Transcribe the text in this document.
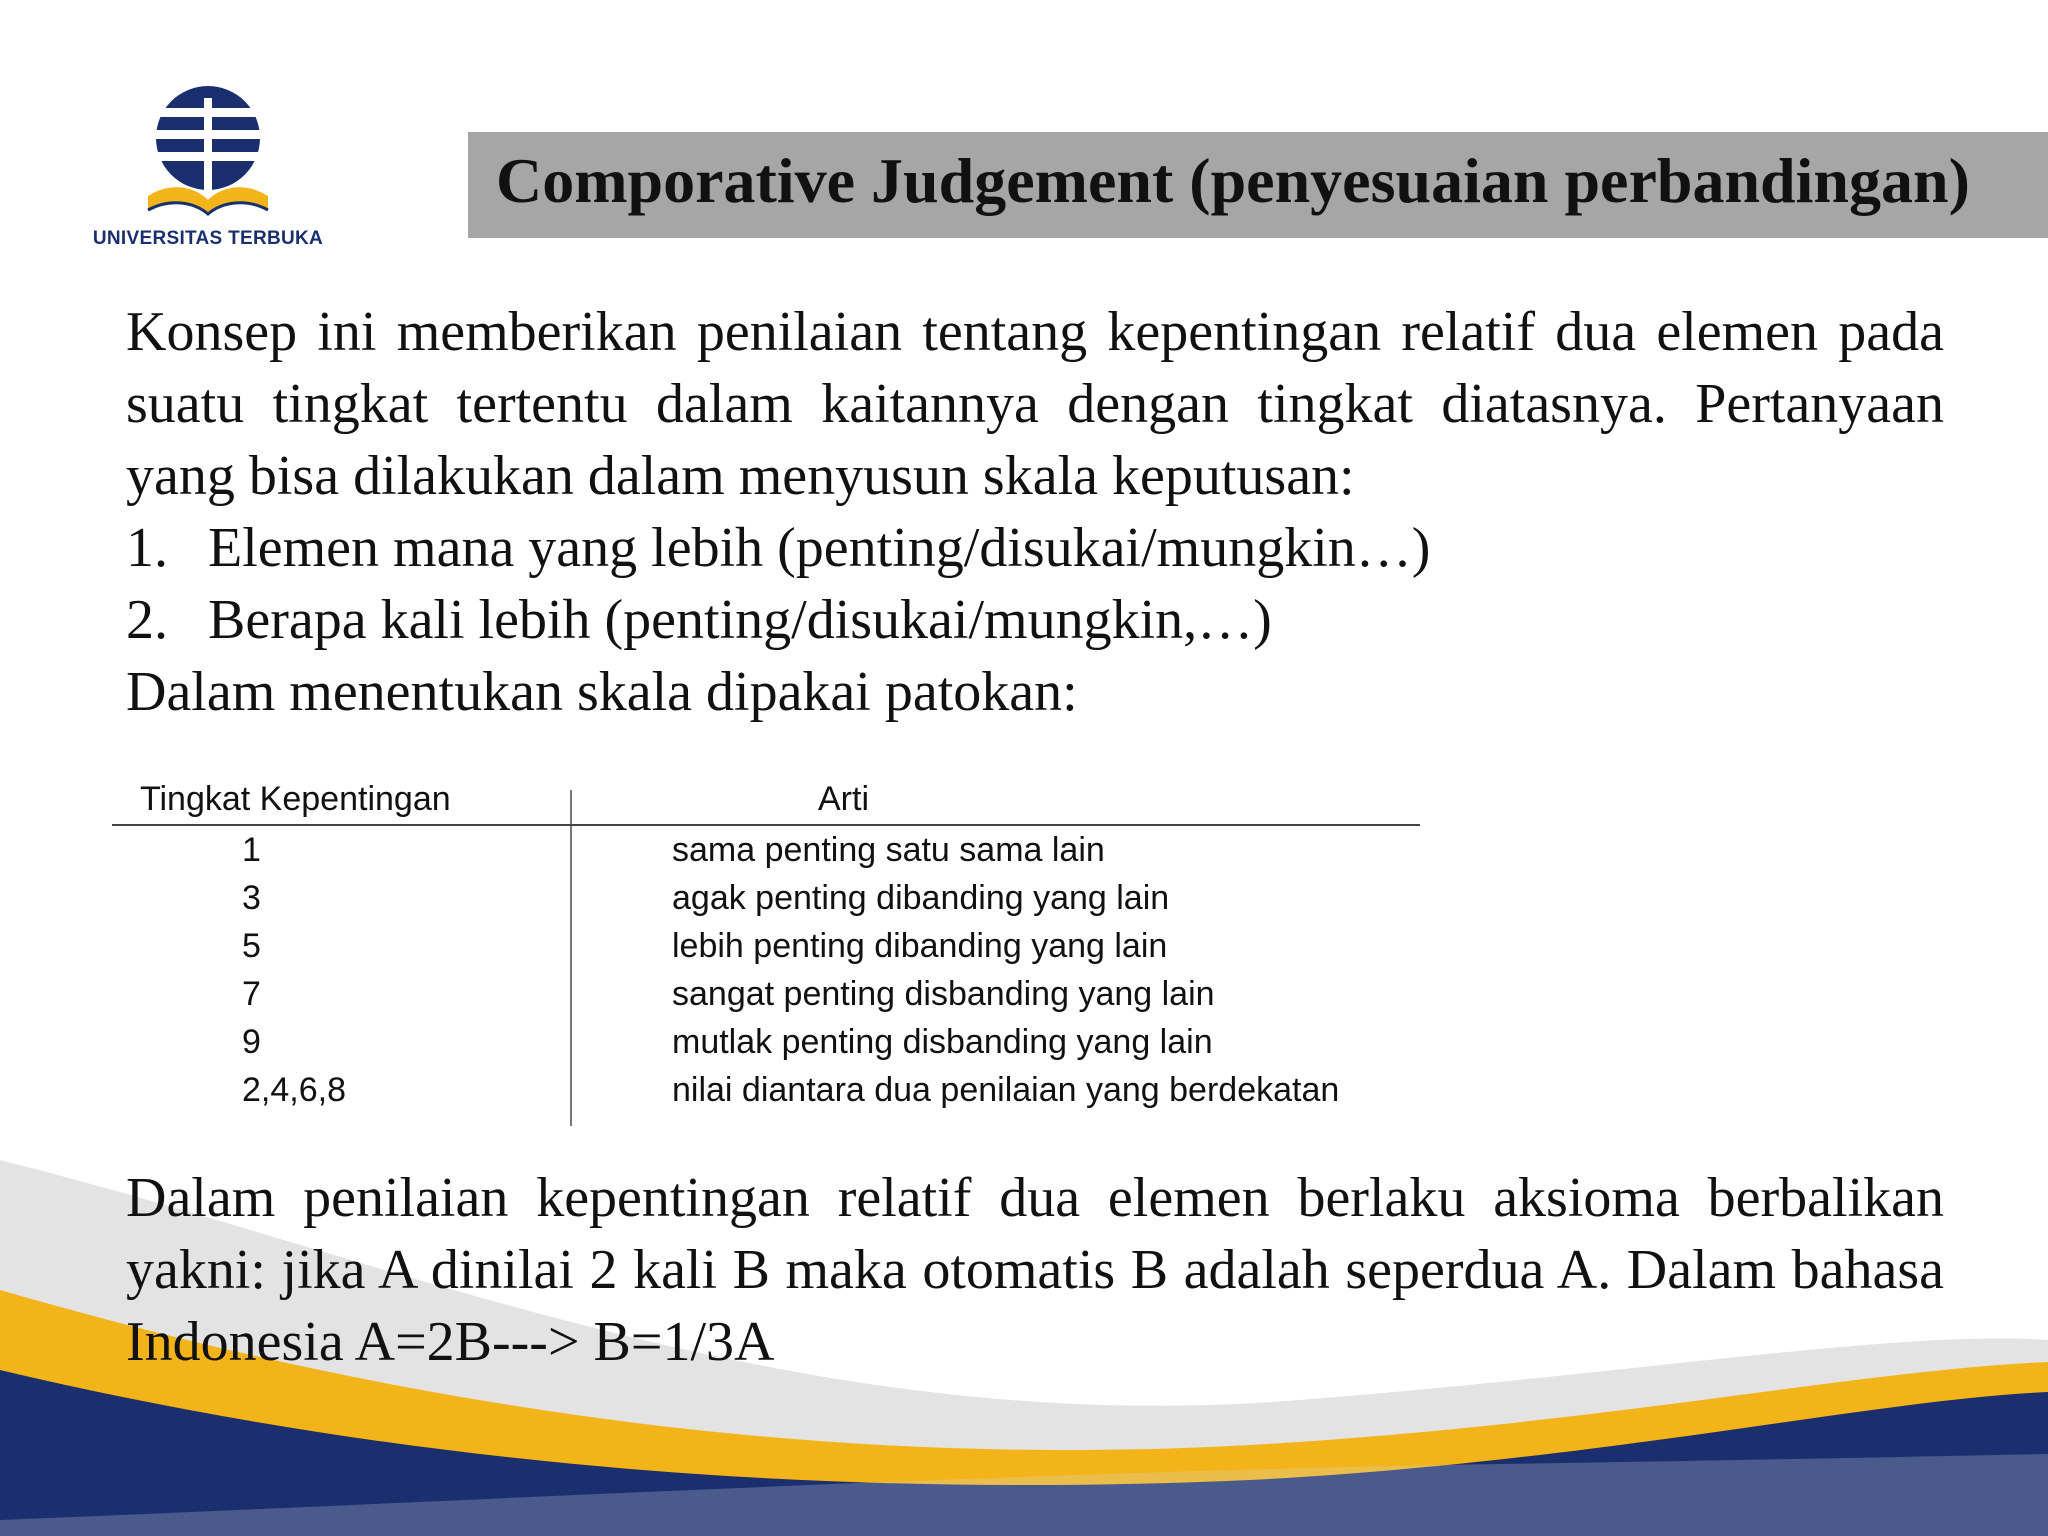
UNIVERSITAS TERBUKA
Comporative Judgement (penyesuaian perbandingan)
Konsep ini memberikan penilaian tentang kepentingan relatif dua elemen pada suatu tingkat tertentu dalam kaitannya dengan tingkat diatasnya. Pertanyaan yang bisa dilakukan dalam menyusun skala keputusan:
1. Elemen mana yang lebih (penting/disukai/mungkin…)
2. Berapa kali lebih (penting/disukai/mungkin,…)
Dalam menentukan skala dipakai patokan:
Tingkat Kepentingan	Arti
1	sama penting satu sama lain
3	agak penting dibanding yang lain
5	lebih penting dibanding yang lain
7	sangat penting disbanding yang lain
9	mutlak penting disbanding yang lain
2,4,6,8	nilai diantara dua penilaian yang berdekatan
Dalam penilaian kepentingan relatif dua elemen berlaku aksioma berbalikan yakni: jika A dinilai 2 kali B maka otomatis B adalah seperdua A. Dalam bahasa Indonesia A=2B---> B=1/3A
